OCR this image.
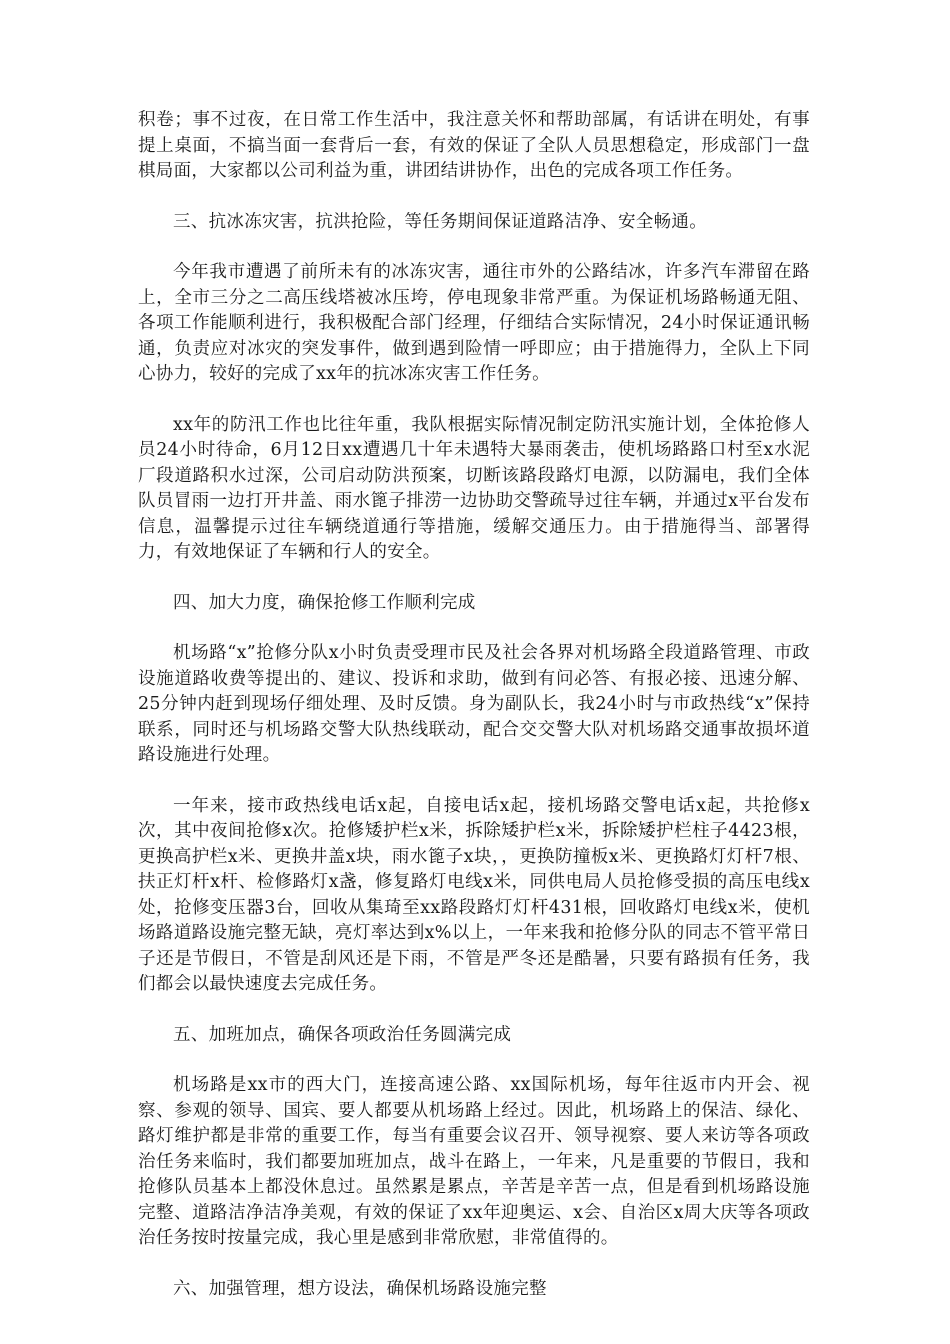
积卷；事不过夜，在日常工作生活中，我注意关怀和帮助部属，有话讲在明处，有事提上桌面，不搞当面一套背后一套，有效的保证了全队人员思想稳定，形成部门一盘棋局面，大家都以公司利益为重，讲团结讲协作，出色的完成各项工作任务。

三、抗冰冻灾害，抗洪抢险，等任务期间保证道路洁净、安全畅通。

今年我市遭遇了前所未有的冰冻灾害，通往市外的公路结冰，许多汽车滞留在路上，全市三分之二高压线塔被冰压垮，停电现象非常严重。为保证机场路畅通无阻、各项工作能顺利进行，我积极配合部门经理，仔细结合实际情况，24小时保证通讯畅通，负责应对冰灾的突发事件，做到遇到险情一呼即应；由于措施得力，全队上下同心协力，较好的完成了xx年的抗冰冻灾害工作任务。

xx年的防汛工作也比往年重，我队根据实际情况制定防汛实施计划，全体抢修人员24小时待命，6月12日xx遭遇几十年未遇特大暴雨袭击，使机场路路口村至x水泥厂段道路积水过深，公司启动防洪预案，切断该路段路灯电源，以防漏电，我们全体队员冒雨一边打开井盖、雨水篦子排涝一边协助交警疏导过往车辆，并通过x平台发布信息，温馨提示过往车辆绕道通行等措施，缓解交通压力。由于措施得当、部署得力，有效地保证了车辆和行人的安全。

四、加大力度，确保抢修工作顺利完成

机场路“x”抢修分队x小时负责受理市民及社会各界对机场路全段道路管理、市政设施道路收费等提出的、建议、投诉和求助，做到有问必答、有报必接、迅速分解、25分钟内赶到现场仔细处理、及时反馈。身为副队长，我24小时与市政热线“x”保持联系，同时还与机场路交警大队热线联动，配合交交警大队对机场路交通事故损坏道路设施进行处理。

一年来，接市政热线电话x起，自接电话x起，接机场路交警电话x起，共抢修x次，其中夜间抢修x次。抢修矮护栏x米，拆除矮护栏x米，拆除矮护栏柱子4423根，更换高护栏x米、更换井盖x块，雨水篦子x块，，更换防撞板x米、更换路灯灯杆7根、扶正灯杆x杆、检修路灯x盏，修复路灯电线x米，同供电局人员抢修受损的高压电线x处，抢修变压器3台，回收从集琦至xx路段路灯灯杆431根，回收路灯电线x米，使机场路道路设施完整无缺，亮灯率达到x%以上，一年来我和抢修分队的同志不管平常日子还是节假日，不管是刮风还是下雨，不管是严冬还是酷暑，只要有路损有任务，我们都会以最快速度去完成任务。

五、加班加点，确保各项政治任务圆满完成

机场路是xx市的西大门，连接高速公路、xx国际机场，每年往返市内开会、视察、参观的领导、国宾、要人都要从机场路上经过。因此，机场路上的保洁、绿化、路灯维护都是非常的重要工作，每当有重要会议召开、领导视察、要人来访等各项政治任务来临时，我们都要加班加点，战斗在路上，一年来，凡是重要的节假日，我和抢修队员基本上都没休息过。虽然累是累点，辛苦是辛苦一点，但是看到机场路设施完整、道路洁净洁净美观，有效的保证了xx年迎奥运、x会、自治区x周大庆等各项政治任务按时按量完成，我心里是感到非常欣慰，非常值得的。

六、加强管理，想方设法，确保机场路设施完整
